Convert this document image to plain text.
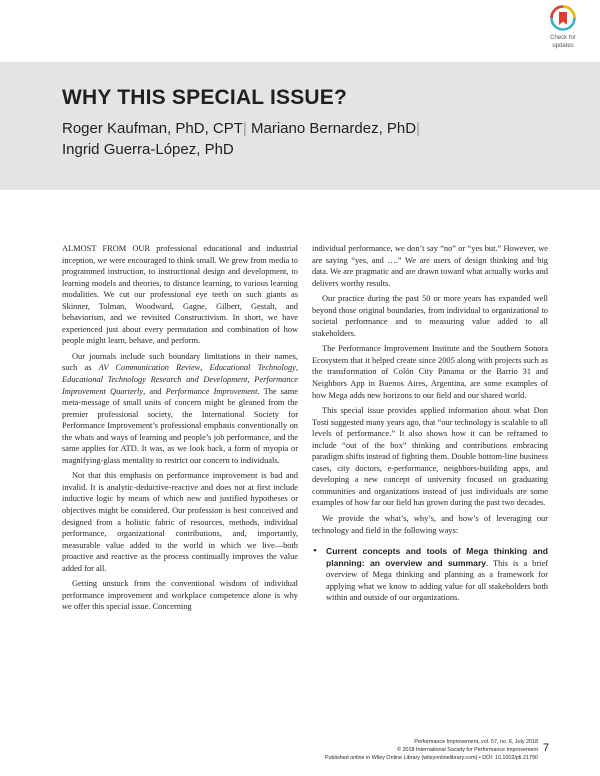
Check for
updates
WHY THIS SPECIAL ISSUE?
Roger Kaufman, PhD, CPT| Mariano Bernardez, PhD|
Ingrid Guerra-López, PhD

ALMOST FROM OUR professional educational and industrial inception, we were encouraged to think small. We grew from media to programmed instruction, to instructional design and development, to learning models and theories, to distance learning, to various learning modalities. We cut our professional eye teeth on such giants as Skinner, Tolman, Woodward, Gagne, Gilbert, Gestalt, and behaviorism, and we revisited Constructivism. In short, we have experienced just about every permutation and combination of how people might learn, behave, and perform.

Our journals include such boundary limitations in their names, such as AV Communication Review, Educational Technology, Educational Technology Research and Development, Performance Improvement Quarterly, and Performance Improvement. The same meta-message of small units of concern might be gleaned from the premier professional society, the International Society for Performance Improvement’s professional emphasis conventionally on the whats and ways of learning and people’s job performance, and the same applies for ATD. It was, as we look back, a form of myopia or magnifying-glass mentality to restrict our concern to individuals.

Not that this emphasis on performance improvement is bad and invalid. It is analytic-deductive-reactive and does not at first include inductive logic by means of which new and justified hypotheses or objectives might be considered. Our profession is best conceived and designed from a holistic fabric of resources, methods, individual performance, organizational contributions, and, importantly, measurable value added to the world in which we live—both proactive and reactive as the process continually improves the value added for all.

Getting unstuck from the conventional wisdom of individual performance improvement and workplace competence alone is why we offer this special issue. Concerning

individual performance, we don’t say “no” or “yes but.” However, we are saying “yes, and ….” We are users of design thinking and big data. We are pragmatic and are drawn toward what actually works and delivers worthy results.

Our practice during the past 50 or more years has expanded well beyond those original boundaries, from individual to organizational to societal performance and to measuring value added to all stakeholders.

The Performance Improvement Institute and the Southern Sonora Ecosystem that it helped create since 2005 along with projects such as the transformation of Colón City Panama or the Barrio 31 and Neighbors App in Buenos Aires, Argentina, are some examples of how Mega adds new horizons to our field and our shared world.

This special issue provides applied information about what Don Tosti suggested many years ago, that “our technology is scalable to all levels of performance.” It also shows how it can be reframed to include “out of the box” thinking and contributions embracing paradigm shifts instead of fighting them. Double bottom-line business cases, city doctors, e-performance, neighbors-building apps, and developing a new concept of university focused on graduating communities and organizations instead of just individuals are some examples of how far our field has grown during the past two decades.

We provide the what’s, why’s, and how’s of leveraging our technology and field in the following ways:

• Current concepts and tools of Mega thinking and planning: an overview and summary. This is a brief overview of Mega thinking and planning as a framework for applying what we know to adding value for all stakeholders both within and outside of our organizations.
Performance Improvement, vol. 57, no. 6, July 2018
© 2018 International Society for Performance Improvement
Published online in Wiley Online Library (wileyonlinelibrary.com) • DOI: 10.1002/pfi.21790
7
